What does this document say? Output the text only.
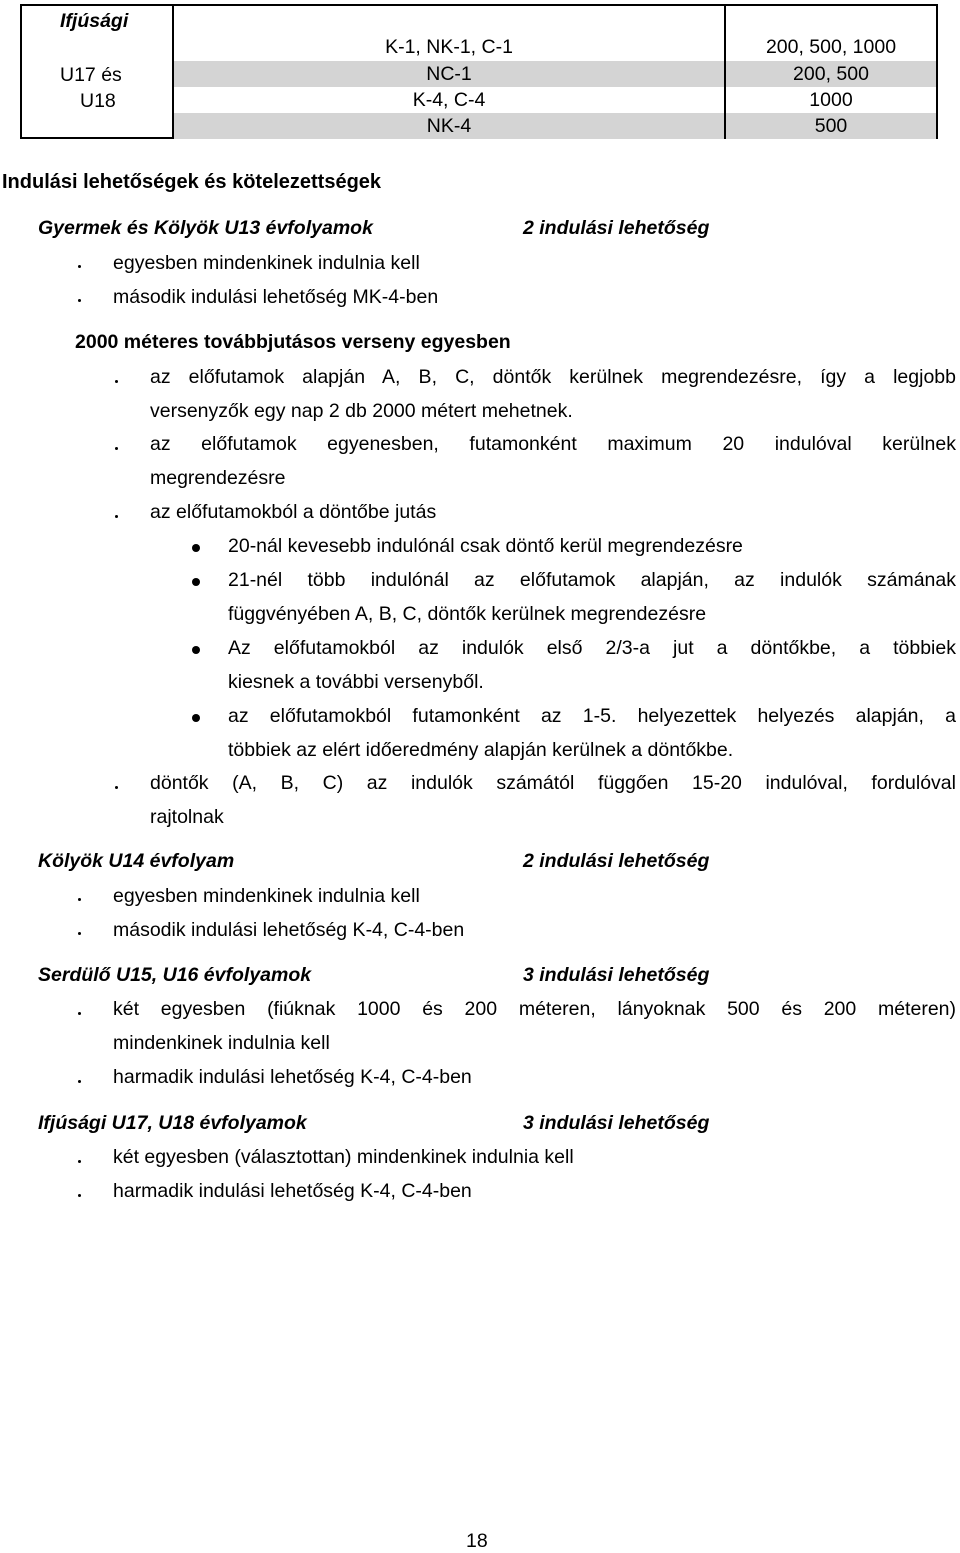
Ifjúsági
U17 és
U18
K-1, NK-1, C-1	200, 500, 1000
NC-1	200, 500
K-4, C-4	1000
NK-4	500
Indulási lehetőségek és kötelezettségek
Gyermek és Kölyök U13 évfolyamok	2 indulási lehetőség
egyesben mindenkinek indulnia kell
második indulási lehetőség MK-4-ben
2000 méteres továbbjutásos verseny egyesben
az előfutamok alapján A, B, C, döntők kerülnek megrendezésre, így a legjobb
versenyzők egy nap 2 db 2000 métert mehetnek.
az előfutamok egyenesben, futamonként maximum 20 indulóval kerülnek
megrendezésre
az előfutamokból a döntőbe jutás
20-nál kevesebb indulónál csak döntő kerül megrendezésre
21-nél több indulónál az előfutamok alapján, az indulók számának
függvényében A, B, C, döntők kerülnek megrendezésre
Az előfutamokból az indulók első 2/3-a jut a döntőkbe, a többiek
kiesnek a további versenyből.
az előfutamokból futamonként az 1-5. helyezettek helyezés alapján, a
többiek az elért időeredmény alapján kerülnek a döntőkbe.
döntők (A, B, C) az indulók számától függően 15-20 indulóval, fordulóval
rajtolnak
Kölyök U14 évfolyam	2 indulási lehetőség
egyesben mindenkinek indulnia kell
második indulási lehetőség K-4, C-4-ben
Serdülő U15, U16 évfolyamok	3 indulási lehetőség
két egyesben (fiúknak 1000 és 200 méteren, lányoknak 500 és 200 méteren)
mindenkinek indulnia kell
harmadik indulási lehetőség K-4, C-4-ben
Ifjúsági U17, U18 évfolyamok	3 indulási lehetőség
két egyesben (választottan) mindenkinek indulnia kell
harmadik indulási lehetőség K-4, C-4-ben
18
